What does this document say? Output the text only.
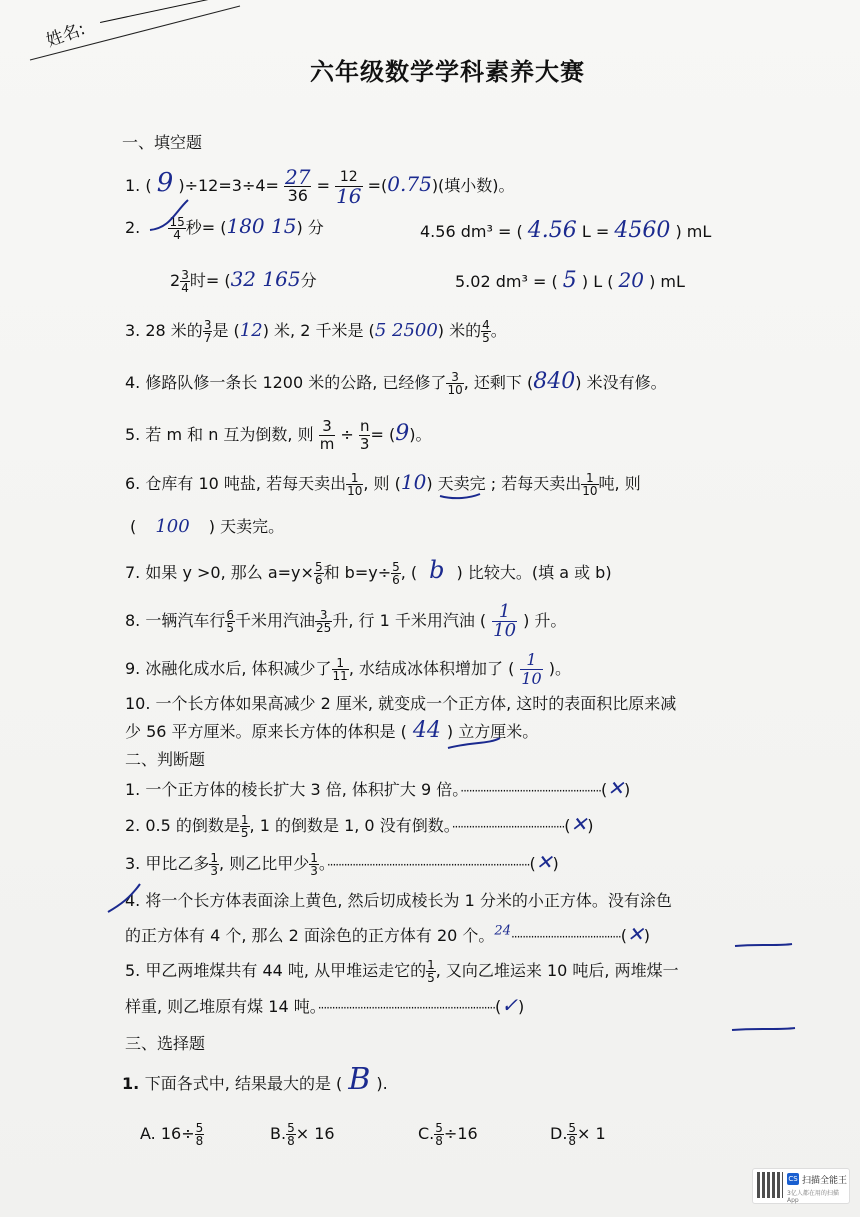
姓名:
六年级数学学科素养大赛
一、填空题
1. ( 9 )$\div 12=3\div 4= \frac{27}{36} = \frac{12}{16} =(0.75)$(填小数)。
2. $\frac{15}{4}$ 秒= (180 15) 分	4.56 dm³ = ( 4.56 L = 4560 ) mL
$2 \frac{3}{4}$ 时= (32 165分	5.02 dm³ = ( 5 ) L ( 20 ) mL
3. 28 米的 $\frac{3}{7}$ 是 (12) 米, 2 千米是 (5 2500) 米的 $\frac{4}{5}$ 。
4. 修路队修一条长 1200 米的公路, 已经修了 $\frac{3}{10}$ , 还剩下 (840) 米没有修。
5. 若 m 和 n 互为倒数, 则 $\frac{3}{m} \div \frac{n}{3} = (9)$。
6. 仓库有 10 吨盐, 若每天卖出 $\frac{1}{10}$ , 则 (10) 天卖完 ; 若每天卖出 $\frac{1}{10}$ 吨, 则
( 100 ) 天卖完。
7. 如果 y >0, 那么 $a=y\times \frac{5}{6}$ 和 $b=y\div \frac{5}{6}$ , ( b ) 比较大。(填 a 或 b)
8. 一辆汽车行 $\frac{6}{5}$ 千米用汽油 $\frac{3}{25}$ 升, 行 1 千米用汽油 ( $\frac{1}{10}$ ) 升。
9. 冰融化成水后, 体积减少了 $\frac{1}{11}$ , 水结成冰体积增加了 ( $\frac{1}{10}$ )。
10. 一个长方体如果高减少 2 厘米, 就变成一个正方体, 这时的表面积比原来减
少 56 平方厘米。原来长方体的体积是 ( 44 ) 立方厘米。
二、判断题
1. 一个正方体的棱长扩大 3 倍, 体积扩大 9 倍。··················································(✕)
2. 0.5 的倒数是 $\frac{1}{5}$ , 1 的倒数是 1, 0 没有倒数。········································(✕)
3. 甲比乙多 $\frac{1}{3}$ , 则乙比甲少 $\frac{1}{3}$ 。········································································(✕)
4. 将一个长方体表面涂上黄色, 然后切成棱长为 1 分米的小正方体。没有涂色
的正方体有 4 个, 那么 2 面涂色的正方体有 20 个。$^{24}$·······································(✕)
5. 甲乙两堆煤共有 44 吨, 从甲堆运走它的 $\frac{1}{5}$ , 又向乙堆运来 10 吨后, 两堆煤一
样重, 则乙堆原有煤 14 吨。·······························································(✓)
三、选择题
1. 下面各式中, 结果最大的是 ( B ).
A. $16\div \frac{5}{8}$	B. $\frac{5}{8} \times 16$	C. $\frac{5}{8} \div 16$	D. $\frac{5}{8} \times 1$
CS 扫描全能王
3亿人都在用的扫描App
